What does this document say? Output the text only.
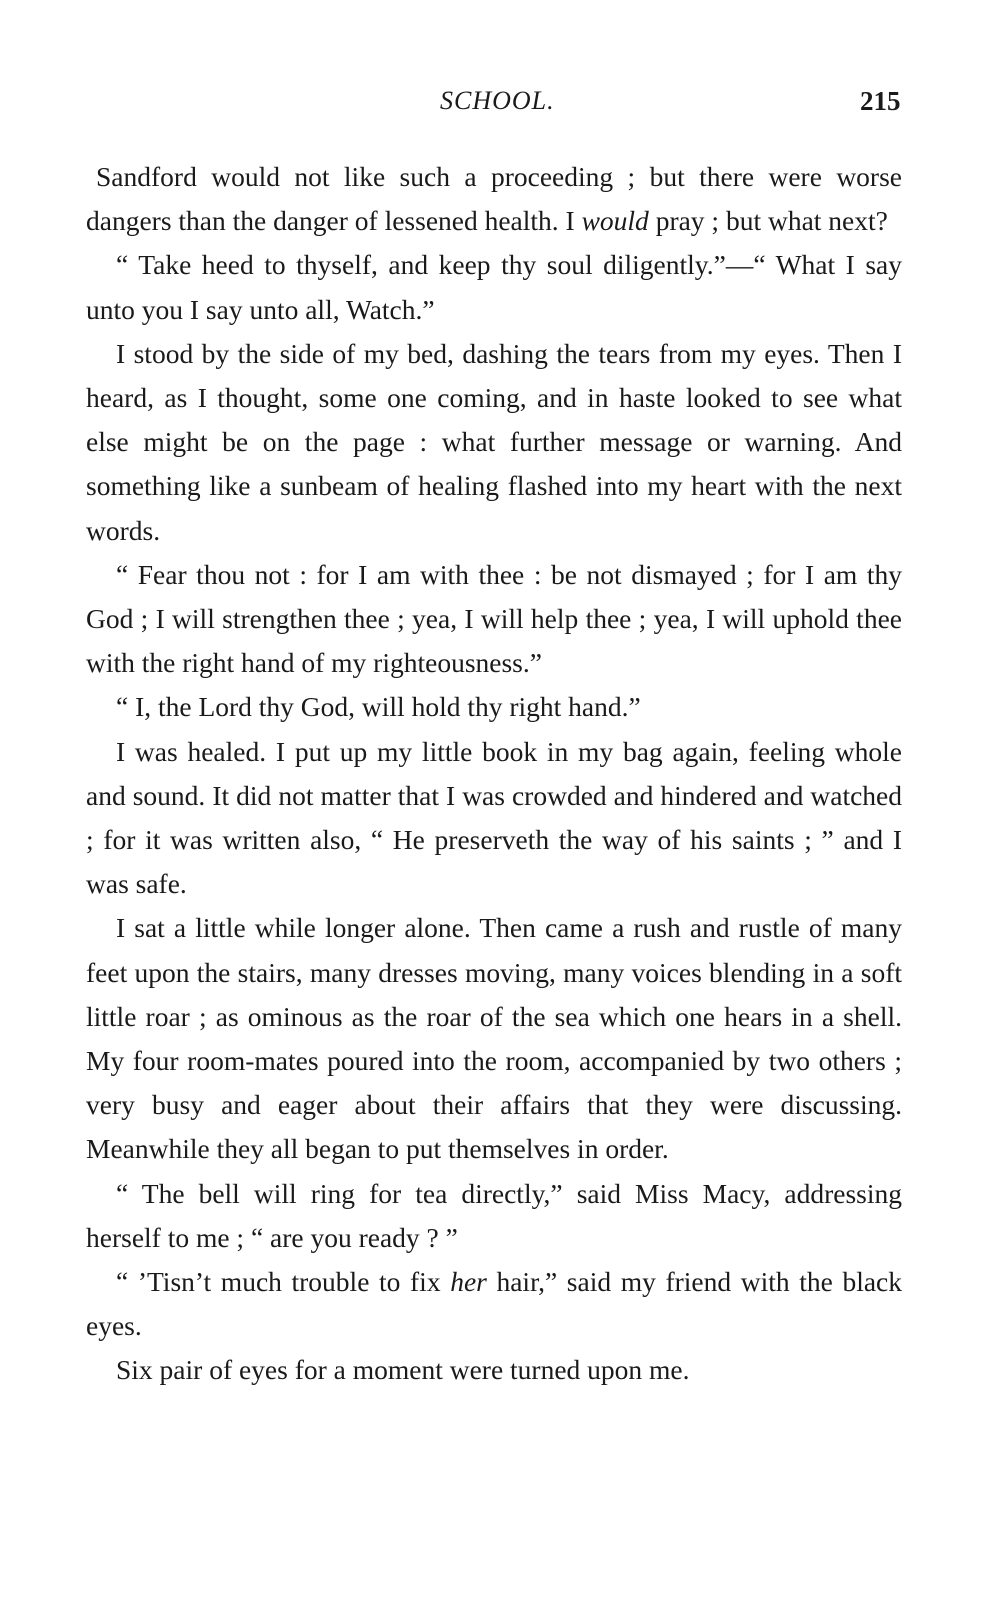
SCHOOL.	215

Sandford would not like such a proceeding ; but there were worse dangers than the danger of lessened health. I would pray ; but what next?

“ Take heed to thyself, and keep thy soul diligently.”—“ What I say unto you I say unto all, Watch.”

I stood by the side of my bed, dashing the tears from my eyes. Then I heard, as I thought, some one coming, and in haste looked to see what else might be on the page : what further message or warning. And something like a sunbeam of healing flashed into my heart with the next words.

“ Fear thou not : for I am with thee : be not dismayed ; for I am thy God ; I will strengthen thee ; yea, I will help thee ; yea, I will uphold thee with the right hand of my righteousness.”

“ I, the Lord thy God, will hold thy right hand.”

I was healed. I put up my little book in my bag again, feeling whole and sound. It did not matter that I was crowded and hindered and watched ; for it was written also, “ He preserveth the way of his saints ; ” and I was safe.

I sat a little while longer alone. Then came a rush and rustle of many feet upon the stairs, many dresses moving, many voices blending in a soft little roar ; as ominous as the roar of the sea which one hears in a shell. My four room-mates poured into the room, accompanied by two others ; very busy and eager about their affairs that they were discussing. Meanwhile they all began to put themselves in order.

“ The bell will ring for tea directly,” said Miss Macy, addressing herself to me ; “ are you ready ? ”

“ ’Tisn’t much trouble to fix her hair,” said my friend with the black eyes.

Six pair of eyes for a moment were turned upon me.
